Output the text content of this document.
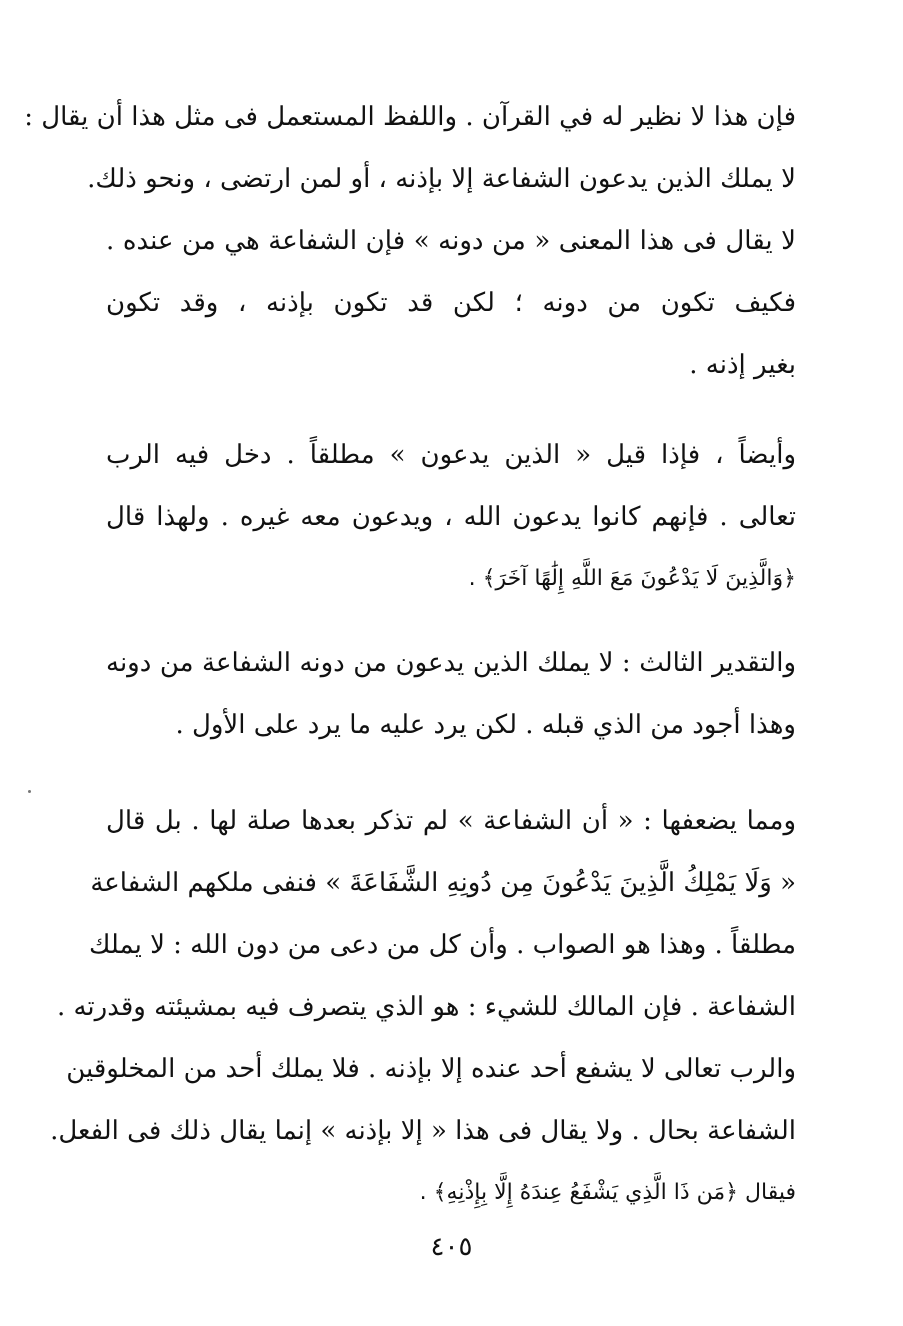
فإن هذا لا نظير له في القرآن . واللفظ المستعمل فى مثل هذا أن يقال :
لا يملك الذين يدعون الشفاعة إلا بإذنه ، أو لمن ارتضى ، ونحو ذلك.
لا يقال فى هذا المعنى « من دونه » فإن الشفاعة هي من عنده .
فكيف تكون من دونه ؛ لكن قد تكون بإذنه ، وقد تكون
بغير إذنه .
وأيضاً ، فإذا قيل « الذين يدعون » مطلقاً . دخل فيه الرب
تعالى . فإنهم كانوا يدعون الله ، ويدعون معه غيره . ولهذا قال
﴿وَالَّذِينَ لَا يَدْعُونَ مَعَ اللَّهِ إِلَٰهًا آخَرَ﴾ .
والتقدير الثالث : لا يملك الذين يدعون من دونه الشفاعة من دونه
وهذا أجود من الذي قبله . لكن يرد عليه ما يرد على الأول .
ومما يضعفها : « أن الشفاعة » لم تذكر بعدها صلة لها . بل قال
« وَلَا يَمْلِكُ الَّذِينَ يَدْعُونَ مِن دُونِهِ الشَّفَاعَةَ » فنفى ملكهم الشفاعة
مطلقاً . وهذا هو الصواب . وأن كل من دعى من دون الله : لا يملك
الشفاعة . فإن المالك للشيء : هو الذي يتصرف فيه بمشيئته وقدرته .
والرب تعالى لا يشفع أحد عنده إلا بإذنه . فلا يملك أحد من المخلوقين
الشفاعة بحال . ولا يقال فى هذا « إلا بإذنه » إنما يقال ذلك فى الفعل.
فيقال ﴿مَن ذَا الَّذِي يَشْفَعُ عِندَهُ إِلَّا بِإِذْنِهِ﴾ .
٤٠٥
